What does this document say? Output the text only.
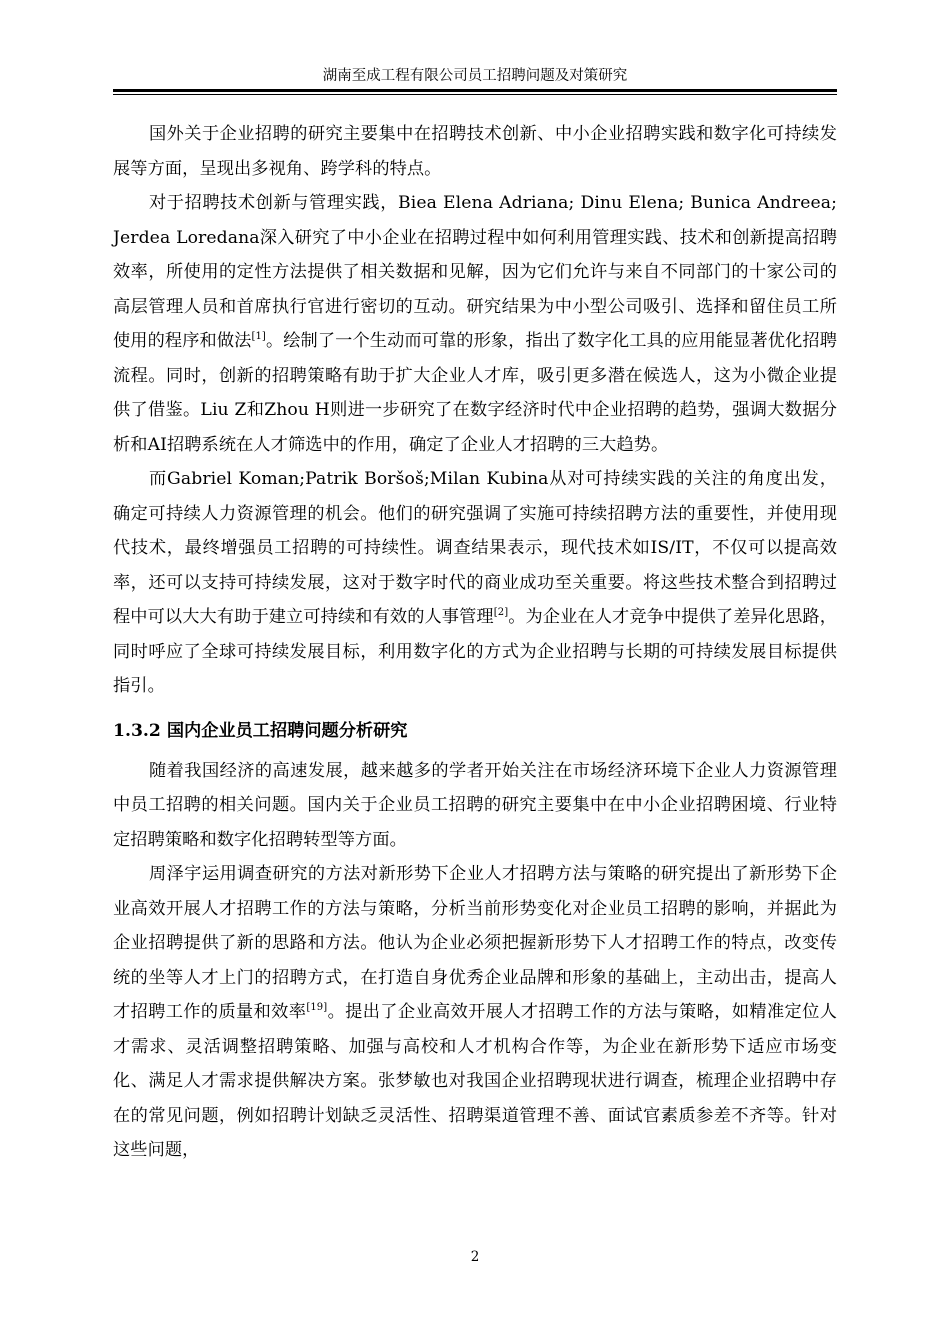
湖南至成工程有限公司员工招聘问题及对策研究

国外关于企业招聘的研究主要集中在招聘技术创新、中小企业招聘实践和数字化可持续发展等方面，呈现出多视角、跨学科的特点。

对于招聘技术创新与管理实践，Biea Elena Adriana; Dinu Elena; Bunica Andreea; Jerdea Loredana深入研究了中小企业在招聘过程中如何利用管理实践、技术和创新提高招聘效率，所使用的定性方法提供了相关数据和见解，因为它们允许与来自不同部门的十家公司的高层管理人员和首席执行官进行密切的互动。研究结果为中小型公司吸引、选择和留住员工所使用的程序和做法[1]。绘制了一个生动而可靠的形象，指出了数字化工具的应用能显著优化招聘流程。同时，创新的招聘策略有助于扩大企业人才库，吸引更多潜在候选人，这为小微企业提供了借鉴。Liu Z和Zhou H则进一步研究了在数字经济时代中企业招聘的趋势，强调大数据分析和AI招聘系统在人才筛选中的作用，确定了企业人才招聘的三大趋势。

而Gabriel Koman;Patrik Boršoš;Milan Kubina从对可持续实践的关注的角度出发，确定可持续人力资源管理的机会。他们的研究强调了实施可持续招聘方法的重要性，并使用现代技术，最终增强员工招聘的可持续性。调查结果表示，现代技术如IS/IT，不仅可以提高效率，还可以支持可持续发展，这对于数字时代的商业成功至关重要。将这些技术整合到招聘过程中可以大大有助于建立可持续和有效的人事管理[2]。为企业在人才竞争中提供了差异化思路，同时呼应了全球可持续发展目标，利用数字化的方式为企业招聘与长期的可持续发展目标提供指引。

1.3.2 国内企业员工招聘问题分析研究

随着我国经济的高速发展，越来越多的学者开始关注在市场经济环境下企业人力资源管理中员工招聘的相关问题。国内关于企业员工招聘的研究主要集中在中小企业招聘困境、行业特定招聘策略和数字化招聘转型等方面。

周泽宇运用调查研究的方法对新形势下企业人才招聘方法与策略的研究提出了新形势下企业高效开展人才招聘工作的方法与策略，分析当前形势变化对企业员工招聘的影响，并据此为企业招聘提供了新的思路和方法。他认为企业必须把握新形势下人才招聘工作的特点，改变传统的坐等人才上门的招聘方式，在打造自身优秀企业品牌和形象的基础上，主动出击，提高人才招聘工作的质量和效率[19]。提出了企业高效开展人才招聘工作的方法与策略，如精准定位人才需求、灵活调整招聘策略、加强与高校和人才机构合作等，为企业在新形势下适应市场变化、满足人才需求提供解决方案。张梦敏也对我国企业招聘现状进行调查，梳理企业招聘中存在的常见问题，例如招聘计划缺乏灵活性、招聘渠道管理不善、面试官素质参差不齐等。针对这些问题，

2
